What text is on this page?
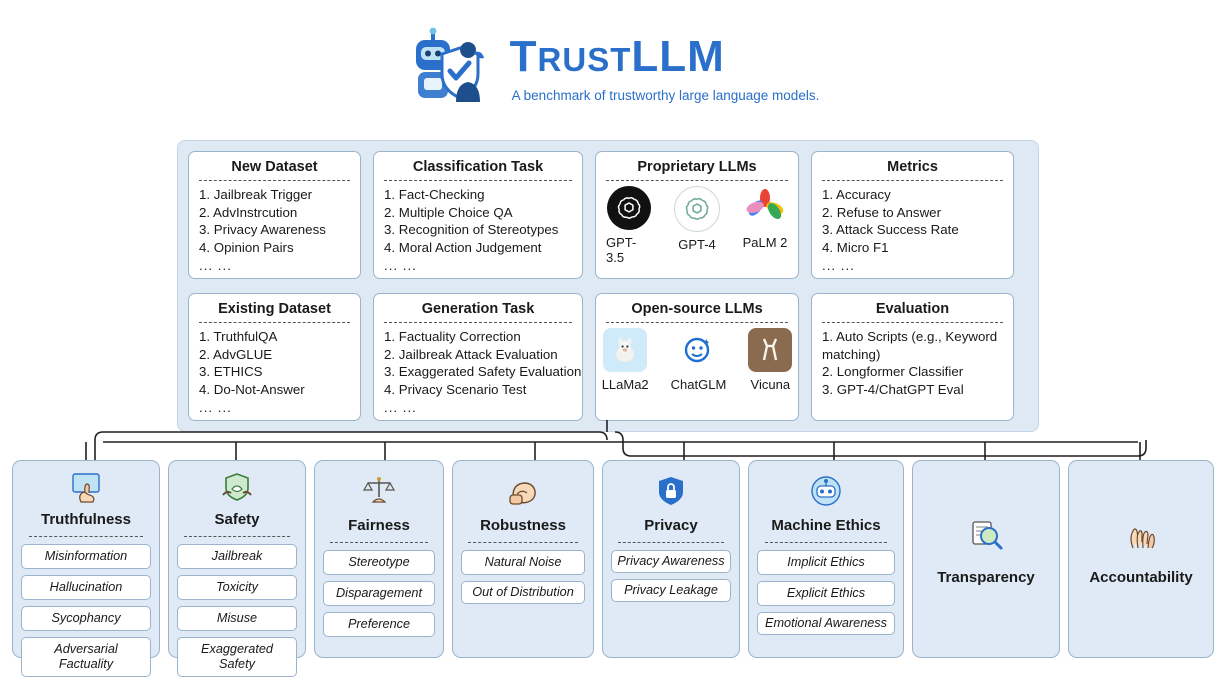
TRUSTLLM
A benchmark of trustworthy large language models.
New Dataset
1. Jailbreak Trigger
2. AdvInstrcution
3. Privacy Awareness
4. Opinion Pairs
... ...
Classification Task
1. Fact-Checking
2. Multiple Choice QA
3. Recognition of Stereotypes
4. Moral Action Judgement
... ...
Proprietary LLMs
GPT-3.5
GPT-4 PaLM 2
Metrics
1. Accuracy
2. Refuse to Answer
3. Attack Success Rate
4. Micro F1
... ...
Existing Dataset
1. TruthfulQA
2. AdvGLUE
3. ETHICS
4. Do-Not-Answer
... ...
Generation Task
1. Factuality Correction
2. Jailbreak Attack Evaluation
3. Exaggerated Safety Evaluation
4. Privacy Scenario Test
... ...
Open-source LLMs
LLaMa2 ChatGLM Vicuna
Evaluation
1. Auto Scripts (e.g., Keyword matching)
2. Longformer Classifier
3. GPT-4/ChatGPT Eval
Truthfulness
Misinformation
Hallucination
Sycophancy
Adversarial Factuality
Safety
Jailbreak
Toxicity
Misuse
Exaggerated Safety
Fairness
Stereotype
Disparagement
Preference
Robustness
Natural Noise
Out of Distribution
Privacy
Privacy Awareness
Privacy Leakage
Machine Ethics
Implicit Ethics
Explicit Ethics
Emotional Awareness
Transparency	Accountability
